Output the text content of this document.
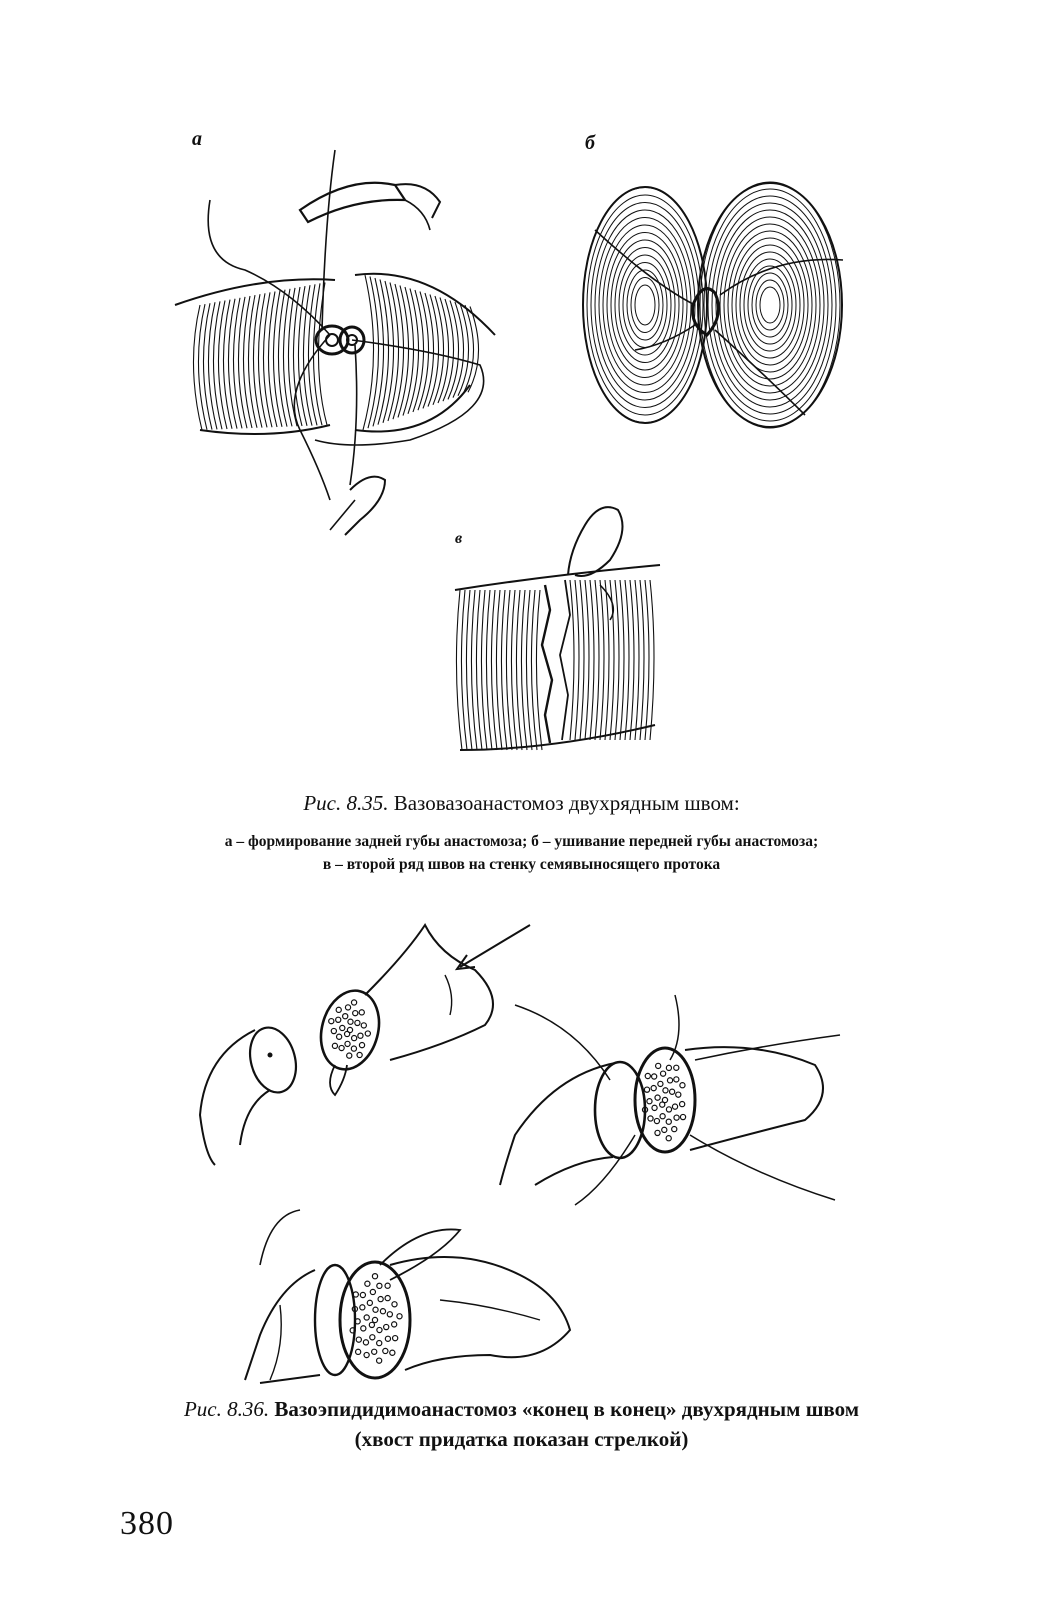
а	б
в
Рис. 8.35. Вазовазоанастомоз двухрядным швом:
а – формирование задней губы анастомоза; б – ушивание передней губы анастомоза;
в – второй ряд швов на стенку семявыносящего протока
Рис. 8.36. Вазоэпидидимоанастомоз «конец в конец» двухрядным швом
(хвост придатка показан стрелкой)
380
